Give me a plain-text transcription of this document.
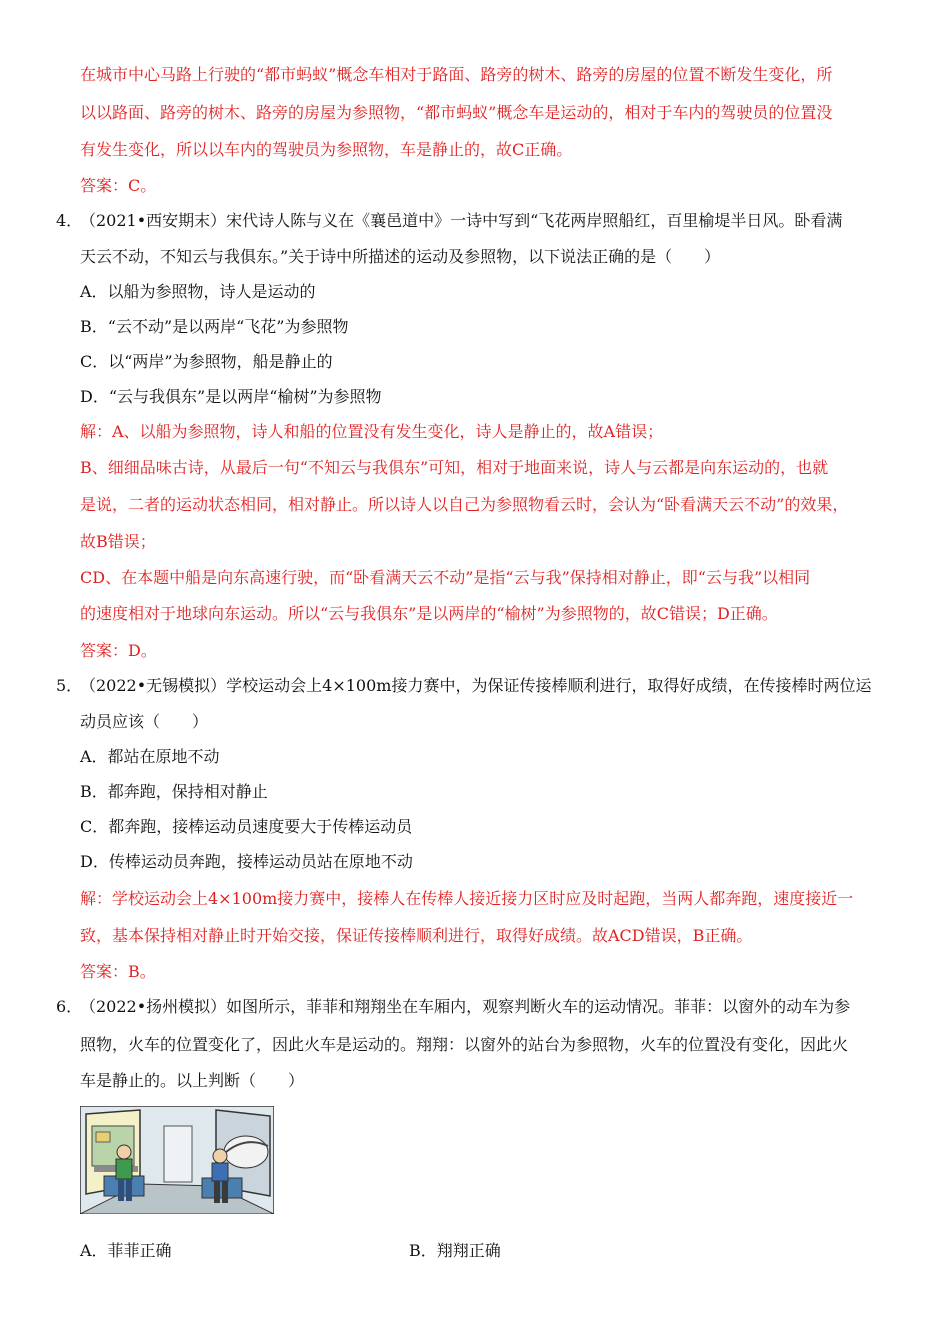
在城市中心马路上行驶的“都市蚂蚁”概念车相对于路面、路旁的树木、路旁的房屋的位置不断发生变化，所
以以路面、路旁的树木、路旁的房屋为参照物，“都市蚂蚁”概念车是运动的，相对于车内的驾驶员的位置没
有发生变化，所以以车内的驾驶员为参照物，车是静止的，故C正确。
答案：C。
4．
（2021•西安期末）宋代诗人陈与义在《襄邑道中》一诗中写到“飞花两岸照船红，百里榆堤半日风。卧看满
天云不动，不知云与我俱东。”关于诗中所描述的运动及参照物，以下说法正确的是（　　）
A．以船为参照物，诗人是运动的
B．“云不动”是以两岸“飞花”为参照物
C．以“两岸”为参照物，船是静止的
D．“云与我俱东”是以两岸“榆树”为参照物
解：A、以船为参照物，诗人和船的位置没有发生变化，诗人是静止的，故A错误；
B、细细品味古诗，从最后一句“不知云与我俱东”可知，相对于地面来说，诗人与云都是向东运动的，也就
是说，二者的运动状态相同，相对静止。所以诗人以自己为参照物看云时，会认为“卧看满天云不动”的效果，
故B错误；
CD、在本题中船是向东高速行驶，而“卧看满天云不动”是指“云与我”保持相对静止，即“云与我”以相同
的速度相对于地球向东运动。所以“云与我俱东”是以两岸的“榆树”为参照物的，故C错误；D正确。
答案：D。
5．
（2022•无锡模拟）学校运动会上4×100m接力赛中，为保证传接棒顺利进行，取得好成绩，在传接棒时两位运
动员应该（　　）
A．都站在原地不动
B．都奔跑，保持相对静止
C．都奔跑，接棒运动员速度要大于传棒运动员
D．传棒运动员奔跑，接棒运动员站在原地不动
解：学校运动会上4×100m接力赛中，接棒人在传棒人接近接力区时应及时起跑，当两人都奔跑，速度接近一
致，基本保持相对静止时开始交接，保证传接棒顺利进行，取得好成绩。故ACD错误，B正确。
答案：B。
6．
（2022•扬州模拟）如图所示，菲菲和翔翔坐在车厢内，观察判断火车的运动情况。菲菲：以窗外的动车为参
照物，火车的位置变化了，因此火车是运动的。翔翔：以窗外的站台为参照物，火车的位置没有变化，因此火
车是静止的。以上判断（　　）
A．菲菲正确	B．翔翔正确
